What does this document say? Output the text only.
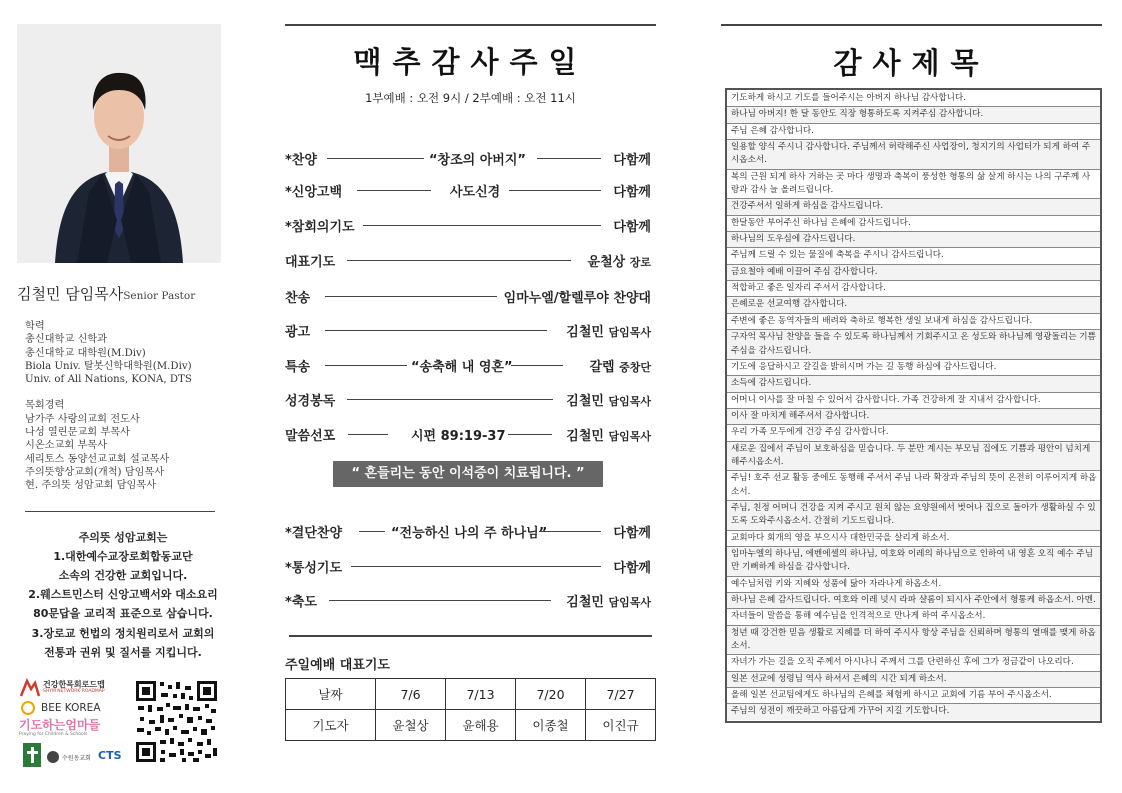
김철민 담임목사Senior Pastor
학력
총신대학교 신학과
총신대학교 대학원(M.Div)
Biola Univ. 탈봇신학대학원(M.Div)
Univ. of All Nations, KONA, DTS
목회경력
남가주 사랑의교회 전도사
나성 열린문교회 부목사
시온소교회 부목사
세리토스 동양선교교회 설교목사
주의뜻향상교회(개척) 담임목사
현. 주의뜻 성암교회 담임목사
주의뜻 성암교회는
1.대한예수교장로회합동교단
소속의 건강한 교회입니다.
2.웨스트민스터 신앙고백서와 대소요리
80문답을 교리적 표준으로 삼습니다.
3.장로교 헌법의 정치원리로서 교회의
전통과 권위 및 질서를 지킵니다.
건강한목회로드맵
SHYM NETWORK ROADMAP
BEE KOREA
기도하는엄마들
Praying for Children & Schools
수원동교회 CTS
맥추감사주일
1부예배 : 오전 9시 / 2부예배 : 오전 11시
*찬양	“창조의 아버지”	다함께
*신앙고백	사도신경	다함께
*참회의기도	다함께
대표기도	윤철상 장로
찬송	임마누엘/할렐루야 찬양대
광고	김철민 담임목사
특송	“송축해 내 영혼”	갈렙 중창단
성경봉독	김철민 담임목사
말씀선포	시편 89:19-37	김철민 담임목사
“ 흔들리는 동안 이석증이 치료됩니다. ”
*결단찬양	“전능하신 나의 주 하나님”	다함께
*통성기도	다함께
*축도	김철민 담임목사
주일예배 대표기도
날짜	7/6	7/13	7/20	7/27
기도자	윤철상	윤해용	이종철	이진규
감사제목
기도하게 하시고 기도를 들어주시는 아버지 하나님 감사합니다.
하나님 아버지! 한 달 동안도 직장 형통하도록 지켜주심 감사합니다.
주님 은혜 감사합니다.
일용할 양식 주시니 감사합니다. 주님께서 허락해주신 사업장이, 청지기의 사업터가 되게 하여 주시옵소서.
복의 근원 되게 하사 거하는 곳 마다 생명과 축복이 풍성한 형통의 삶 살게 하시는 나의 구주께 사랑과 감사 늘 올려드립니다.
건강주셔서 일하게 하심을 감사드립니다.
한달동안 부어주신 하나님 은혜에 감사드립니다.
하나님의 도우심에 감사드립니다.
주님께 드릴 수 있는 물질에 축복을 주시니 감사드립니다.
금요철야 예배 이끌어 주심 감사합니다.
적합하고 좋은 일자리 주셔서 감사합니다.
은혜로운 선교여행 감사합니다.
주변에 좋은 동역자들의 배려와 축하로 행복한 생일 보내게 하심을 감사드립니다.
구자억 목사님 찬양을 들을 수 있도록 하나님께서 기회주시고 온 성도와 하나님께 영광돌리는 기쁨 주심을 감사드립니다.
기도에 응답하시고 갈길을 밝히시며 가는 길 동행 하심에 감사드립니다.
소득에 감사드립니다.
어머니 이사를 잘 마칠 수 있어서 감사합니다. 가족 건강하게 잘 지내서 감사합니다.
이사 잘 마치게 해주셔서 감사합니다.
우리 가족 모두에게 건강 주심 감사합니다.
새로운 집에서 주님이 보호하심을 믿습니다. 두 분만 계시는 부모님 집에도 기쁨과 평안이 넘치게 해주시옵소서.
주님! 호주 선교 활동 중에도 동행해 주셔서 주님 나라 확장과 주님의 뜻이 온전히 이루어지게 하옵소서.
주님, 친정 어머니 건강을 지켜 주시고 원치 않는 요양원에서 벗어나 집으로 돌아가 생활하실 수 있도록 도와주시옵소서. 간절히 기도드립니다.
교회마다 회개의 영을 부으시사 대한민국을 살리게 하소서.
임마누엘의 하나님, 에벤에셀의 하나님, 여호와 이레의 하나님으로 인하여 내 영혼 오직 예수 주님만 기뻐하게 하심을 감사합니다.
예수님처럼 키와 지혜와 성품에 닮아 자라나게 하옵소서.
하나님 은혜 감사드립니다. 여호와 이레 넛시 라파 샬롬이 되시사 주안에서 형통케 하옵소서. 아멘.
자녀들이 말씀을 통해 예수님을 인격적으로 만나게 하여 주시옵소서.
청년 때 강건한 믿음 생활로 지혜를 더 하여 주시사 항상 주님을 신뢰하며 형통의 열매를 맺게 하옵소서.
자녀가 가는 길을 오직 주께서 아시나니 주께서 그를 단련하신 후에 그가 정금같이 나오리다.
일본 선교에 성령님 역사 하셔서 은혜의 시간 되게 하소서.
올해 일본 선교팀에게도 하나님의 은혜를 체험케 하시고 교회에 기름 부어 주시옵소서.
주님의 성전이 깨끗하고 아름답게 가꾸어 지길 기도합니다.
